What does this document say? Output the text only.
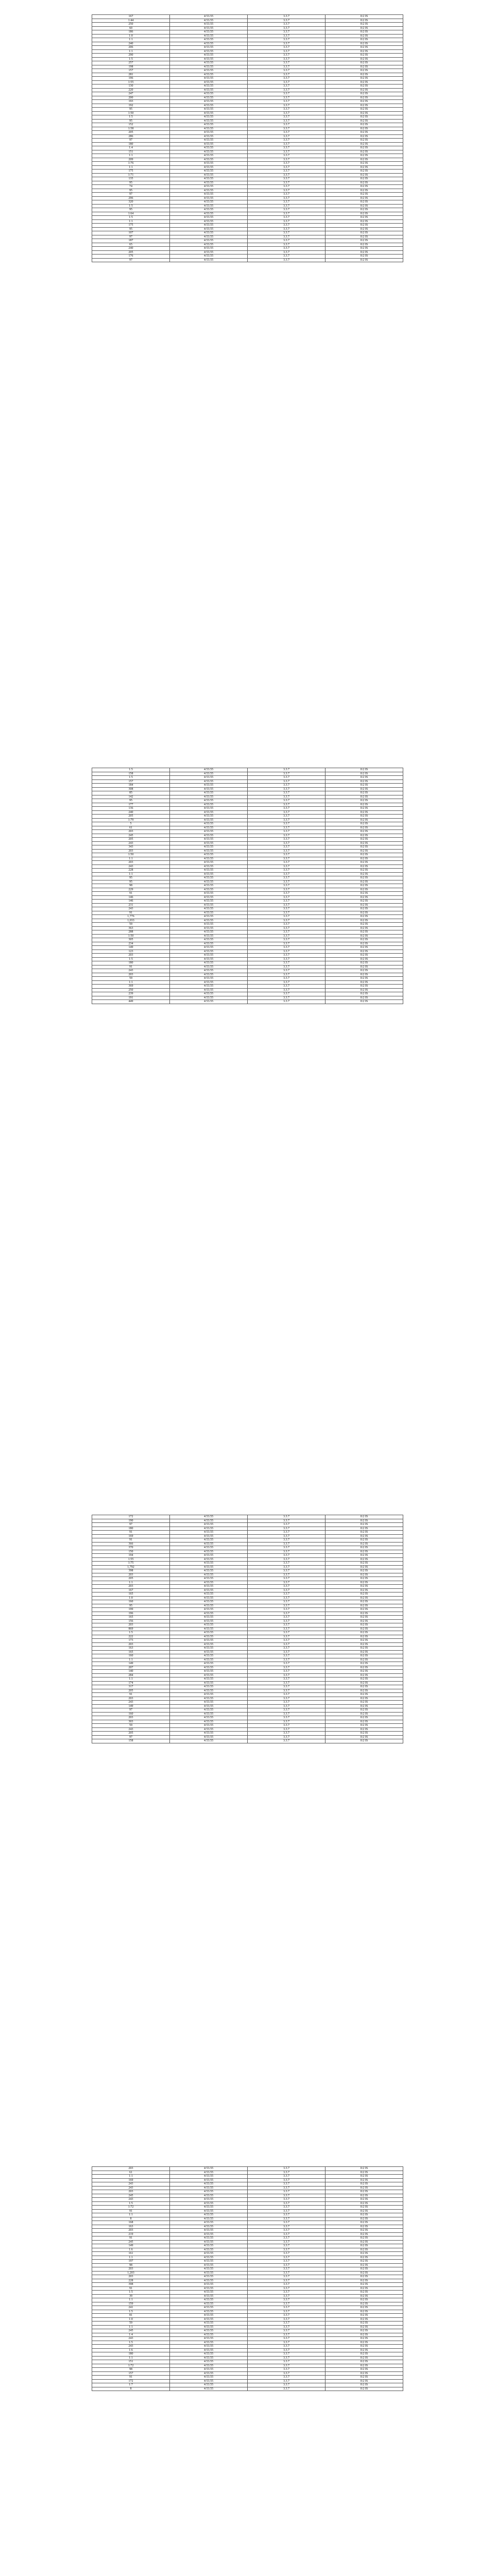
167	4:53.55	3.3.7	0:2 IS
1:44	4:53.55	3.3.7	0:2 IS
250	4:53.55	3.3.7	0:2 IS
60	4:53.55	3.3.7	0:2 IS
186	4:53.55	3.3.7	0:2 IS
1:0	4:53.55	3.3.7	0:2 IS
1:1	4:53.55	3.3.7	0:2 IS
240	4:53.55	3.3.7	0:2 IS
206	4:53.55	3.3.7	0:2 IS
1:1	4:53.55	3.3.7	0:2 IS
290	4:53.55	3.3.7	0:2 IS
1:5	4:53.55	3.3.7	0:2 IS
257	4:53.55	3.3.7	0:2 IS
198	4:53.55	3.3.7	0:2 IS
157	4:53.55	3.3.7	0:2 IS
281	4:53.55	3.3.7	0:2 IS
196	4:53.55	3.3.7	0:2 IS
1:55	4:53.55	3.3.7	0:2 IS
130	4:53.55	3.3.7	0:2 IS
220	4:53.55	3.3.7	0:2 IS
247	4:53.55	3.3.7	0:2 IS
200	4:53.55	3.3.7	0:2 IS
193	4:53.55	3.3.7	0:2 IS
192	4:53.55	3.3.7	0:2 IS
95	4:53.55	3.3.7	0:2 IS
1:50	4:53.55	3.3.7	0:2 IS
1:5	4:53.55	3.3.7	0:2 IS
95	4:53.55	3.3.7	0:2 IS
152	4:53.55	3.3.7	0:2 IS
1:58	4:53.55	3.3.7	0:2 IS
205	4:53.55	3.3.7	0:2 IS
286	4:53.55	3.3.7	0:2 IS
97	4:53.55	3.3.7	0:2 IS
180	4:53.55	3.3.7	0:2 IS
1:4	4:53.55	3.3.7	0:2 IS
151	4:53.55	3.3.7	0:2 IS
1:1	4:53.55	3.3.7	0:2 IS
209	4:53.55	3.3.7	0:2 IS
1:76	4:53.55	3.3.7	0:2 IS
1:1	4:53.55	3.3.7	0:2 IS
175	4:53.55	3.3.7	0:2 IS
1:71	4:53.55	3.3.7	0:2 IS
135	4:53.55	3.3.7	0:2 IS
95	4:53.55	3.3.7	0:2 IS
74	4:53.55	3.3.7	0:2 IS
95	4:53.55	3.3.7	0:2 IS
97	4:53.55	3.3.7	0:2 IS
296	4:53.55	3.3.7	0:2 IS
320	4:53.55	3.3.7	0:2 IS
1:5	4:53.55	3.3.7	0:2 IS
95	4:53.55	3.3.7	0:2 IS
1:64	4:53.55	3.3.7	0:2 IS
1:5	4:53.55	3.3.7	0:2 IS
1:1	4:53.55	3.3.7	0:2 IS
175	4:53.55	3.3.7	0:2 IS
95	4:53.55	3.3.7	0:2 IS
107	4:53.55	3.3.7	0:2 IS
97	4:53.55	3.3.7	0:2 IS
187	4:53.55	3.3.7	0:2 IS
65	4:53.55	3.3.7	0:2 IS
240	4:53.55	3.3.7	0:2 IS
205	4:53.55	3.3.7	0:2 IS
176	4:53.55	3.3.7	0:2 IS
97	4:53.55	3.3.7	0:2 IS
1:5	4:53.55	3.3.7	0:2 IS
158	4:53.55	3.3.7	0:2 IS
1:5	4:53.55	3.3.7	0:2 IS
157	4:53.55	3.3.7	0:2 IS
184	4:53.55	3.3.7	0:2 IS
308	4:53.55	3.3.7	0:2 IS
85	4:53.55	3.3.7	0:2 IS
142	4:53.55	3.3.7	0:2 IS
95	4:53.55	3.3.7	0:2 IS
177	4:53.55	3.3.7	0:2 IS
136	4:53.55	3.3.7	0:2 IS
240	4:53.55	3.3.7	0:2 IS
205	4:53.55	3.3.7	0:2 IS
1:79	4:53.55	3.3.7	0:2 IS
5	4:53.55	3.3.7	0:2 IS
61	4:53.55	3.3.7	0:2 IS
203	4:53.55	3.3.7	0:2 IS
245	4:53.55	3.3.7	0:2 IS
205	4:53.55	3.3.7	0:2 IS
243	4:53.55	3.3.7	0:2 IS
343	4:53.55	3.3.7	0:2 IS
203	4:53.55	3.3.7	0:2 IS
1:50	4:53.55	3.3.7	0:2 IS
1:1	4:53.55	3.3.7	0:2 IS
203	4:53.55	3.3.7	0:2 IS
243	4:53.55	3.3.7	0:2 IS
228	4:53.55	3.3.7	0:2 IS
1:1	4:53.55	3.3.7	0:2 IS
95	4:53.55	3.3.7	0:2 IS
95	4:53.55	3.3.7	0:2 IS
98	4:53.55	3.3.7	0:2 IS
229	4:53.55	3.3.7	0:2 IS
91	4:53.55	3.3.7	0:2 IS
146	4:53.55	3.3.7	0:2 IS
146	4:53.55	3.3.7	0:2 IS
231	4:53.55	3.3.7	0:2 IS
243	4:53.55	3.3.7	0:2 IS
91	4:53.55	3.3.7	0:2 IS
1,776	4:53.55	3.3.7	0:2 IS
1,033	4:53.55	3.3.7	0:2 IS
59	4:53.55	3.3.7	0:2 IS
363	4:53.55	3.3.7	0:2 IS
288	4:53.55	3.3.7	0:2 IS
1:50	4:53.55	3.3.7	0:2 IS
305	4:53.55	3.3.7	0:2 IS
234	4:53.55	3.3.7	0:2 IS
149	4:53.55	3.3.7	0:2 IS
123	4:53.55	3.3.7	0:2 IS
203	4:53.55	3.3.7	0:2 IS
1:5	4:53.55	3.3.7	0:2 IS
180	4:53.55	3.3.7	0:2 IS
91	4:53.55	3.3.7	0:2 IS
243	4:53.55	3.3.7	0:2 IS
203	4:53.55	3.3.7	0:2 IS
59	4:53.55	3.3.7	0:2 IS
1:1	4:53.55	3.3.7	0:2 IS
369	4:53.55	3.3.7	0:2 IS
250	4:53.55	3.3.7	0:2 IS
239	4:53.55	3.3.7	0:2 IS
191	4:53.55	3.3.7	0:2 IS
449	4:53.55	3.3.7	0:2 IS
172	4:53.55	3.3.7	0:2 IS
190	4:53.55	3.3.7	0:2 IS
97	4:53.55	3.3.7	0:2 IS
180	4:53.55	3.3.7	0:2 IS
91	4:53.55	3.3.7	0:2 IS
169	4:53.55	3.3.7	0:2 IS
91	4:53.55	3.3.7	0:2 IS
366	4:53.55	3.3.7	0:2 IS
370	4:53.55	3.3.7	0:2 IS
150	4:53.55	3.3.7	0:2 IS
194	4:53.55	3.3.7	0:2 IS
1:55	4:53.55	3.3.7	0:2 IS
1:75	4:53.55	3.3.7	0:2 IS
1,792	4:53.55	3.3.7	0:2 IS
398	4:53.55	3.3.7	0:2 IS
203	4:53.55	3.3.7	0:2 IS
205	4:53.55	3.3.7	0:2 IS
1:1	4:53.55	3.3.7	0:2 IS
203	4:53.55	3.3.7	0:2 IS
167	4:53.55	3.3.7	0:2 IS
165	4:53.55	3.3.7	0:2 IS
1:0	4:53.55	3.3.7	0:2 IS
160	4:53.55	3.3.7	0:2 IS
95	4:53.55	3.3.7	0:2 IS
199	4:53.55	3.3.7	0:2 IS
196	4:53.55	3.3.7	0:2 IS
165	4:53.55	3.3.7	0:2 IS
156	4:53.55	3.3.7	0:2 IS
203	4:53.55	3.3.7	0:2 IS
869	4:53.55	3.3.7	0:2 IS
1:5	4:53.55	3.3.7	0:2 IS
222	4:53.55	3.3.7	0:2 IS
173	4:53.55	3.3.7	0:2 IS
203	4:53.55	3.3.7	0:2 IS
163	4:53.55	3.3.7	0:2 IS
165	4:53.55	3.3.7	0:2 IS
160	4:53.55	3.3.7	0:2 IS
1:1	4:53.55	3.3.7	0:2 IS
149	4:53.55	3.3.7	0:2 IS
207	4:53.55	3.3.7	0:2 IS
140	4:53.55	3.3.7	0:2 IS
284	4:53.55	3.3.7	0:2 IS
1:1	4:53.55	3.3.7	0:2 IS
174	4:53.55	3.3.7	0:2 IS
317	4:53.55	3.3.7	0:2 IS
205	4:53.55	3.3.7	0:2 IS
91	4:53.55	3.3.7	0:2 IS
203	4:53.55	3.3.7	0:2 IS
243	4:53.55	3.3.7	0:2 IS
149	4:53.55	3.3.7	0:2 IS
97	4:53.55	3.3.7	0:2 IS
160	4:53.55	3.3.7	0:2 IS
203	4:53.55	3.3.7	0:2 IS
303	4:53.55	3.3.7	0:2 IS
59	4:53.55	3.3.7	0:2 IS
243	4:53.55	3.3.7	0:2 IS
205	4:53.55	3.3.7	0:2 IS
97	4:53.55	3.3.7	0:2 IS
158	4:53.55	3.3.7	0:2 IS
203	4:53.55	3.3.7	0:2 IS
61	4:53.55	3.3.7	0:2 IS
1:1	4:53.55	3.3.7	0:2 IS
169	4:53.55	3.3.7	0:2 IS
243	4:53.55	3.3.7	0:2 IS
243	4:53.55	3.3.7	0:2 IS
203	4:53.55	3.3.7	0:2 IS
245	4:53.55	3.3.7	0:2 IS
243	4:53.55	3.3.7	0:2 IS
1:5	4:53.55	3.3.7	0:2 IS
1:72	4:53.55	3.3.7	0:2 IS
91	4:53.55	3.3.7	0:2 IS
1:1	4:53.55	3.3.7	0:2 IS
8	4:53.55	3.3.7	0:2 IS
168	4:53.55	3.3.7	0:2 IS
163	4:53.55	3.3.7	0:2 IS
203	4:53.55	3.3.7	0:2 IS
219	4:53.55	3.3.7	0:2 IS
91	4:53.55	3.3.7	0:2 IS
245	4:53.55	3.3.7	0:2 IS
149	4:53.55	3.3.7	0:2 IS
1:6	4:53.55	3.3.7	0:2 IS
161	4:53.55	3.3.7	0:2 IS
1:1	4:53.55	3.3.7	0:2 IS
197	4:53.55	3.3.7	0:2 IS
98	4:53.55	3.3.7	0:2 IS
203	4:53.55	3.3.7	0:2 IS
1,203	4:53.55	3.3.7	0:2 IS
203	4:53.55	3.3.7	0:2 IS
228	4:53.55	3.3.7	0:2 IS
398	4:53.55	3.3.7	0:2 IS
91	4:53.55	3.3.7	0:2 IS
1:5	4:53.55	3.3.7	0:2 IS
39	4:53.55	3.3.7	0:2 IS
1:1	4:53.55	3.3.7	0:2 IS
159	4:53.55	3.3.7	0:2 IS
241	4:53.55	3.3.7	0:2 IS
1:5	4:53.55	3.3.7	0:2 IS
81	4:53.55	3.3.7	0:2 IS
1:0	4:53.55	3.3.7	0:2 IS
59	4:53.55	3.3.7	0:2 IS
1:1	4:53.55	3.3.7	0:2 IS
245	4:53.55	3.3.7	0:2 IS
1:4	4:53.55	3.3.7	0:2 IS
243	4:53.55	3.3.7	0:2 IS
1:5	4:53.55	3.3.7	0:2 IS
243	4:53.55	3.3.7	0:2 IS
1:6	4:53.55	3.3.7	0:2 IS
180	4:53.55	3.3.7	0:2 IS
1:1	4:53.55	3.3.7	0:2 IS
151	4:53.55	3.3.7	0:2 IS
1:72	4:53.55	3.3.7	0:2 IS
98	4:53.55	3.3.7	0:2 IS
157	4:53.55	3.3.7	0:2 IS
91	4:53.55	3.3.7	0:2 IS
172	4:53.55	3.3.7	0:2 IS
1:7	4:53.55	3.3.7	0:2 IS
8	4:53.55	3.3.7	0:2 IS
